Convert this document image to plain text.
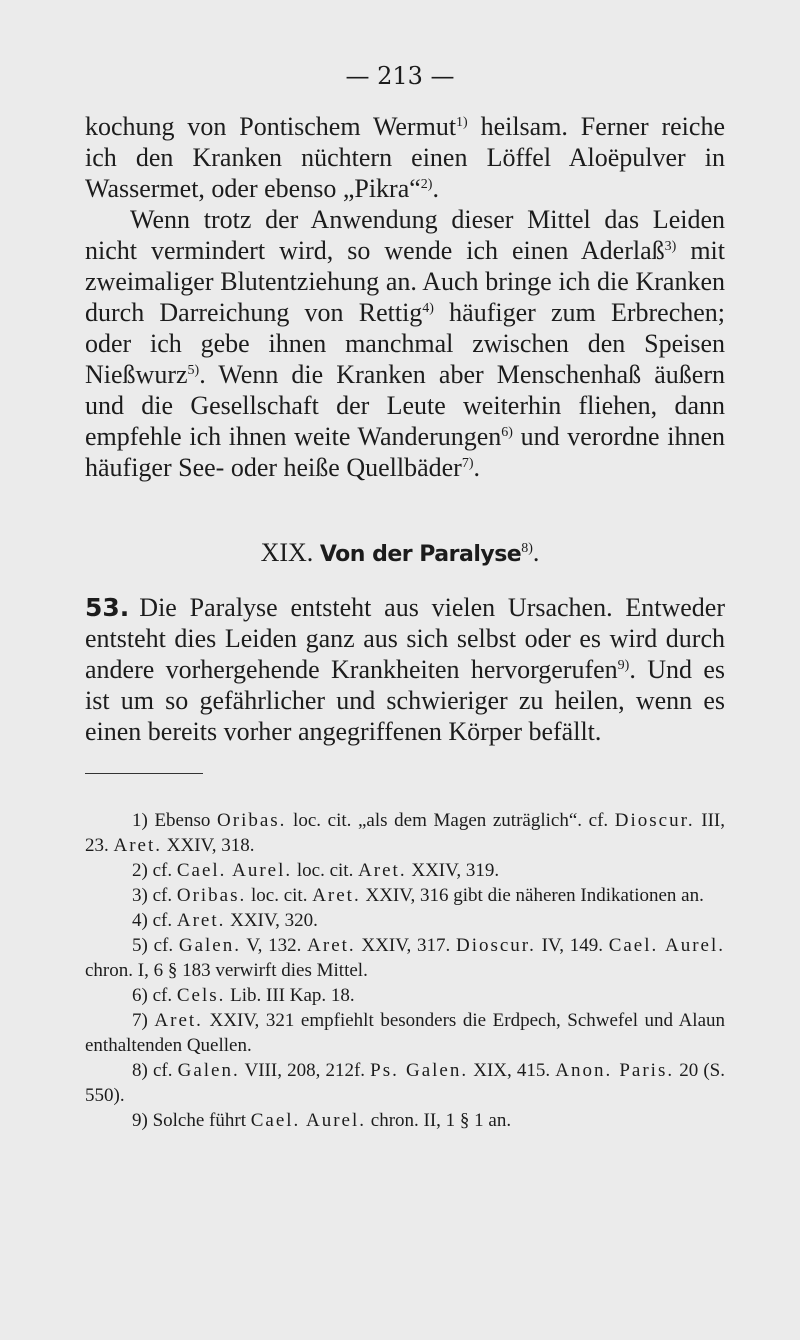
— 213 —

kochung von Pontischem Wermut$^{1)}$ heilsam. Ferner reiche ich den Kranken nüchtern einen Löffel Aloëpulver in Wassermet, oder ebenso „Pikra“$^{2)}$.

Wenn trotz der Anwendung dieser Mittel das Leiden nicht vermindert wird, so wende ich einen Aderlaß$^{3)}$ mit zweimaliger Blutentziehung an. Auch bringe ich die Kranken durch Darreichung von Rettig$^{4)}$ häufiger zum Erbrechen; oder ich gebe ihnen manchmal zwischen den Speisen Nießwurz$^{5)}$. Wenn die Kranken aber Menschenhaß äußern und die Gesellschaft der Leute weiterhin fliehen, dann empfehle ich ihnen weite Wanderungen$^{6)}$ und verordne ihnen häufiger See- oder heiße Quellbäder$^{7)}$.

XIX. Von der Paralyse$^{8)}$.

53. Die Paralyse entsteht aus vielen Ursachen. Entweder entsteht dies Leiden ganz aus sich selbst oder es wird durch andere vorhergehende Krankheiten hervorgerufen$^{9)}$. Und es ist um so gefährlicher und schwieriger zu heilen, wenn es einen bereits vorher angegriffenen Körper befällt.

1) Ebenso Oribas. loc. cit. „als dem Magen zuträglich“. cf. Dioscur. III, 23. Aret. XXIV, 318.

2) cf. Cael. Aurel. loc. cit. Aret. XXIV, 319.

3) cf. Oribas. loc. cit. Aret. XXIV, 316 gibt die näheren Indikationen an.

4) cf. Aret. XXIV, 320.

5) cf. Galen. V, 132. Aret. XXIV, 317. Dioscur. IV, 149. Cael. Aurel. chron. I, 6 § 183 verwirft dies Mittel.

6) cf. Cels. Lib. III Kap. 18.

7) Aret. XXIV, 321 empfiehlt besonders die Erdpech, Schwefel und Alaun enthaltenden Quellen.

8) cf. Galen. VIII, 208, 212f. Ps. Galen. XIX, 415. Anon. Paris. 20 (S. 550).

9) Solche führt Cael. Aurel. chron. II, 1 § 1 an.
